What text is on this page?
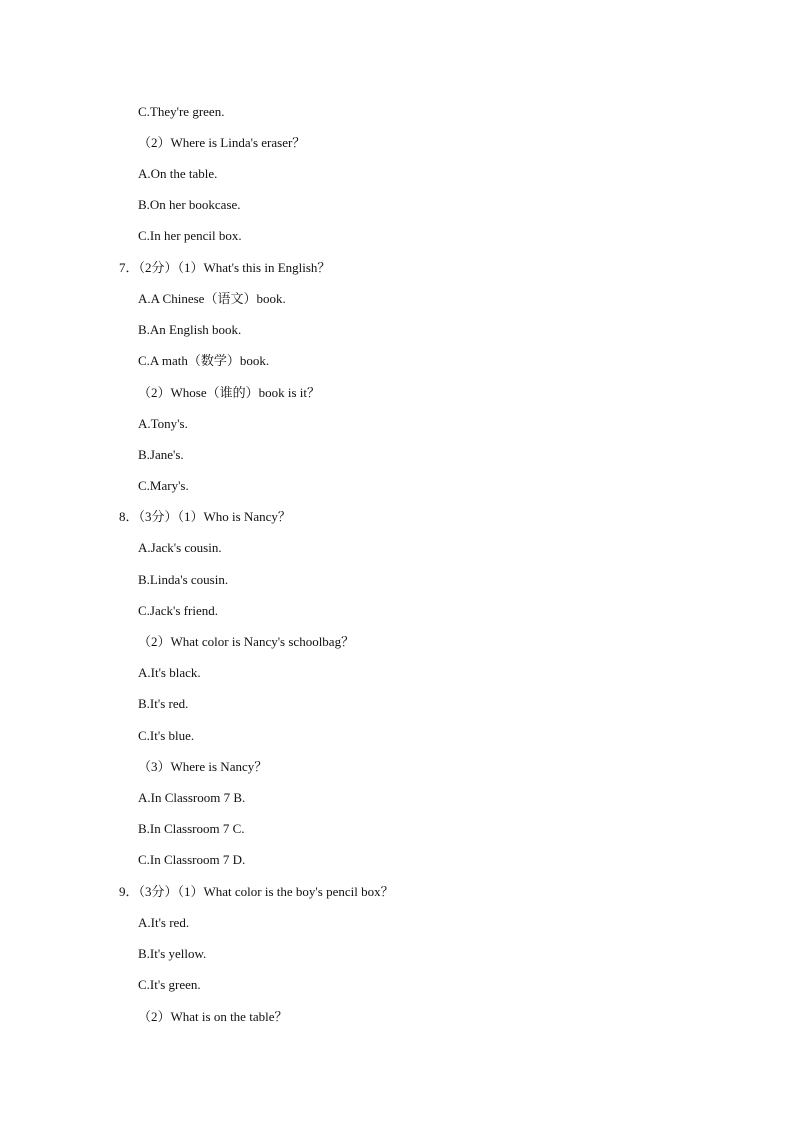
C.They're green.
（2）Where is Linda's eraser？
A.On the table.
B.On her bookcase.
C.In her pencil box.
7．（2分）（1）What's this in English？
A.A Chinese（语文）book.
B.An English book.
C.A math（数学）book.
（2）Whose（谁的）book is it？
A.Tony's.
B.Jane's.
C.Mary's.
8．（3分）（1）Who is Nancy？
A.Jack's cousin.
B.Linda's cousin.
C.Jack's friend.
（2）What color is Nancy's schoolbag？
A.It's black.
B.It's red.
C.It's blue.
（3）Where is Nancy？
A.In Classroom 7 B.
B.In Classroom 7 C.
C.In Classroom 7 D.
9．（3分）（1）What color is the boy's pencil box？
A.It's red.
B.It's yellow.
C.It's green.
（2）What is on the table？
